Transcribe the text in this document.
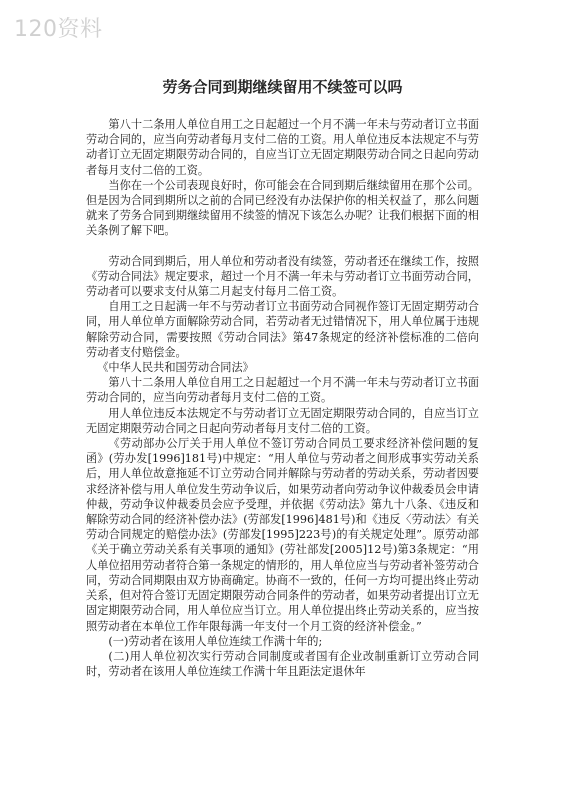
120资料
劳务合同到期继续留用不续签可以吗

第八十二条用人单位自用工之日起超过一个月不满一年未与劳动者订立书面劳动合同的，应当向劳动者每月支付二倍的工资。用人单位违反本法规定不与劳动者订立无固定期限劳动合同的，自应当订立无固定期限劳动合同之日起向劳动者每月支付二倍的工资。

当你在一个公司表现良好时，你可能会在合同到期后继续留用在那个公司。但是因为合同到期所以之前的合同已经没有办法保护你的相关权益了，那么问题就来了劳务合同到期继续留用不续签的情况下该怎么办呢？让我们根据下面的相关条例了解下吧。

劳动合同到期后，用人单位和劳动者没有续签，劳动者还在继续工作，按照《劳动合同法》规定要求，超过一个月不满一年未与劳动者订立书面劳动合同，劳动者可以要求支付从第二月起支付每月二倍工资。

自用工之日起满一年不与劳动者订立书面劳动合同视作签订无固定期劳动合同，用人单位单方面解除劳动合同，若劳动者无过错情况下，用人单位属于违规解除劳动合同，需要按照《劳动合同法》第47条规定的经济补偿标准的二倍向劳动者支付赔偿金。

《中华人民共和国劳动合同法》

第八十二条用人单位自用工之日起超过一个月不满一年未与劳动者订立书面劳动合同的，应当向劳动者每月支付二倍的工资。

用人单位违反本法规定不与劳动者订立无固定期限劳动合同的，自应当订立无固定期限劳动合同之日起向劳动者每月支付二倍的工资。

《劳动部办公厅关于用人单位不签订劳动合同员工要求经济补偿问题的复函》(劳办发[1996]181号)中规定：“用人单位与劳动者之间形成事实劳动关系后，用人单位故意拖延不订立劳动合同并解除与劳动者的劳动关系，劳动者因要求经济补偿与用人单位发生劳动争议后，如果劳动者向劳动争议仲裁委员会申请仲裁，劳动争议仲裁委员会应予受理，并依据《劳动法》第九十八条、《违反和解除劳动合同的经济补偿办法》(劳部发[1996]481号)和《违反〈劳动法〉有关劳动合同规定的赔偿办法》(劳部发[1995]223号)的有关规定处理”。原劳动部《关于确立劳动关系有关事项的通知》(劳社部发[2005]12号)第3条规定：“用人单位招用劳动者符合第一条规定的情形的，用人单位应当与劳动者补签劳动合同，劳动合同期限由双方协商确定。协商不一致的，任何一方均可提出终止劳动关系，但对符合签订无固定期限劳动合同条件的劳动者，如果劳动者提出订立无固定期限劳动合同，用人单位应当订立。用人单位提出终止劳动关系的，应当按照劳动者在本单位工作年限每满一年支付一个月工资的经济补偿金。”

(一)劳动者在该用人单位连续工作满十年的;

(二)用人单位初次实行劳动合同制度或者国有企业改制重新订立劳动合同时，劳动者在该用人单位连续工作满十年且距法定退休年
